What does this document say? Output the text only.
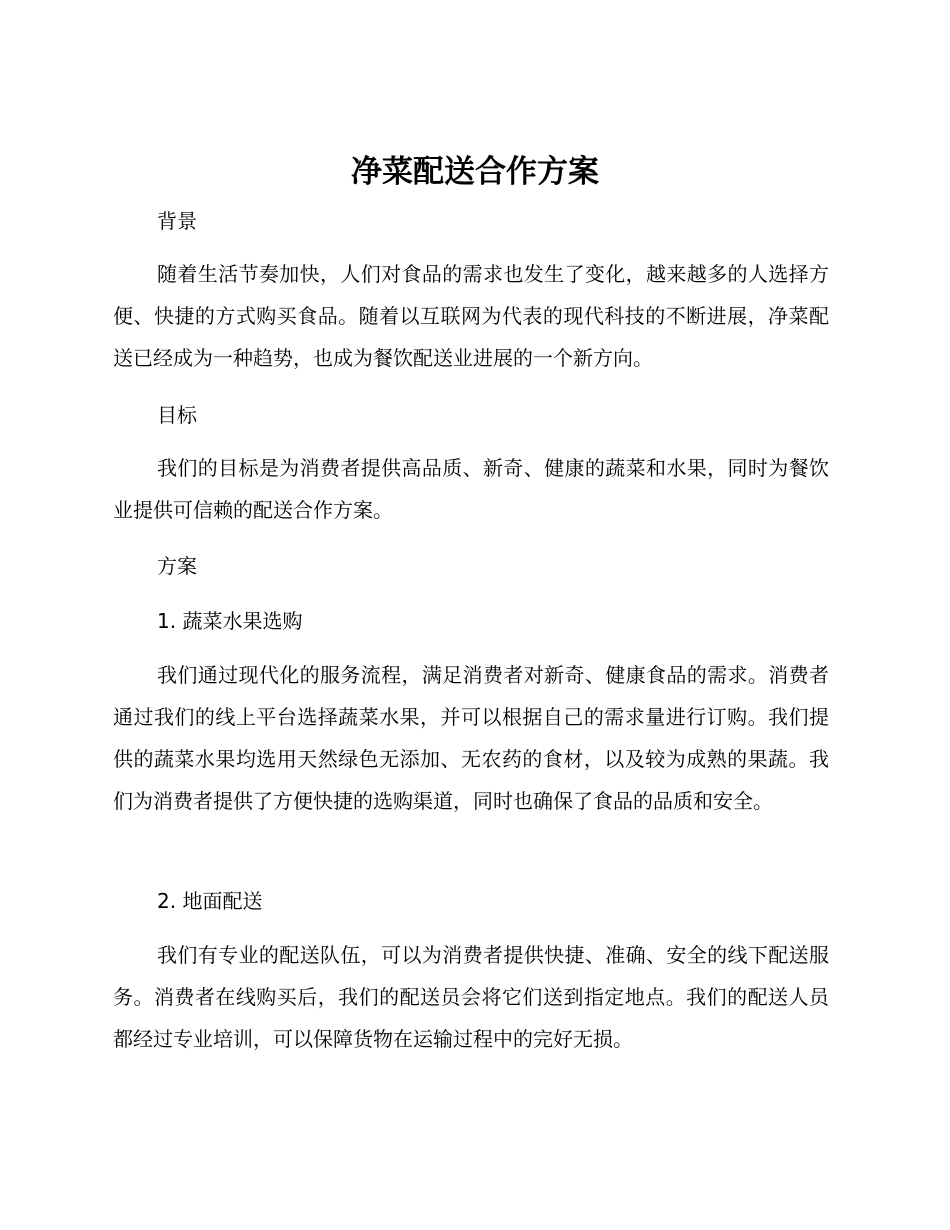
净菜配送合作方案
背景

随着生活节奏加快，人们对食品的需求也发生了变化，越来越多的人选择方便、快捷的方式购买食品。随着以互联网为代表的现代科技的不断进展，净菜配送已经成为一种趋势，也成为餐饮配送业进展的一个新方向。

目标

我们的目标是为消费者提供高品质、新奇、健康的蔬菜和水果，同时为餐饮业提供可信赖的配送合作方案。

方案
1. 蔬菜水果选购

我们通过现代化的服务流程，满足消费者对新奇、健康食品的需求。消费者通过我们的线上平台选择蔬菜水果，并可以根据自己的需求量进行订购。我们提供的蔬菜水果均选用天然绿色无添加、无农药的食材，以及较为成熟的果蔬。我们为消费者提供了方便快捷的选购渠道，同时也确保了食品的品质和安全。

2. 地面配送

我们有专业的配送队伍，可以为消费者提供快捷、准确、安全的线下配送服务。消费者在线购买后，我们的配送员会将它们送到指定地点。我们的配送人员都经过专业培训，可以保障货物在运输过程中的完好无损。
